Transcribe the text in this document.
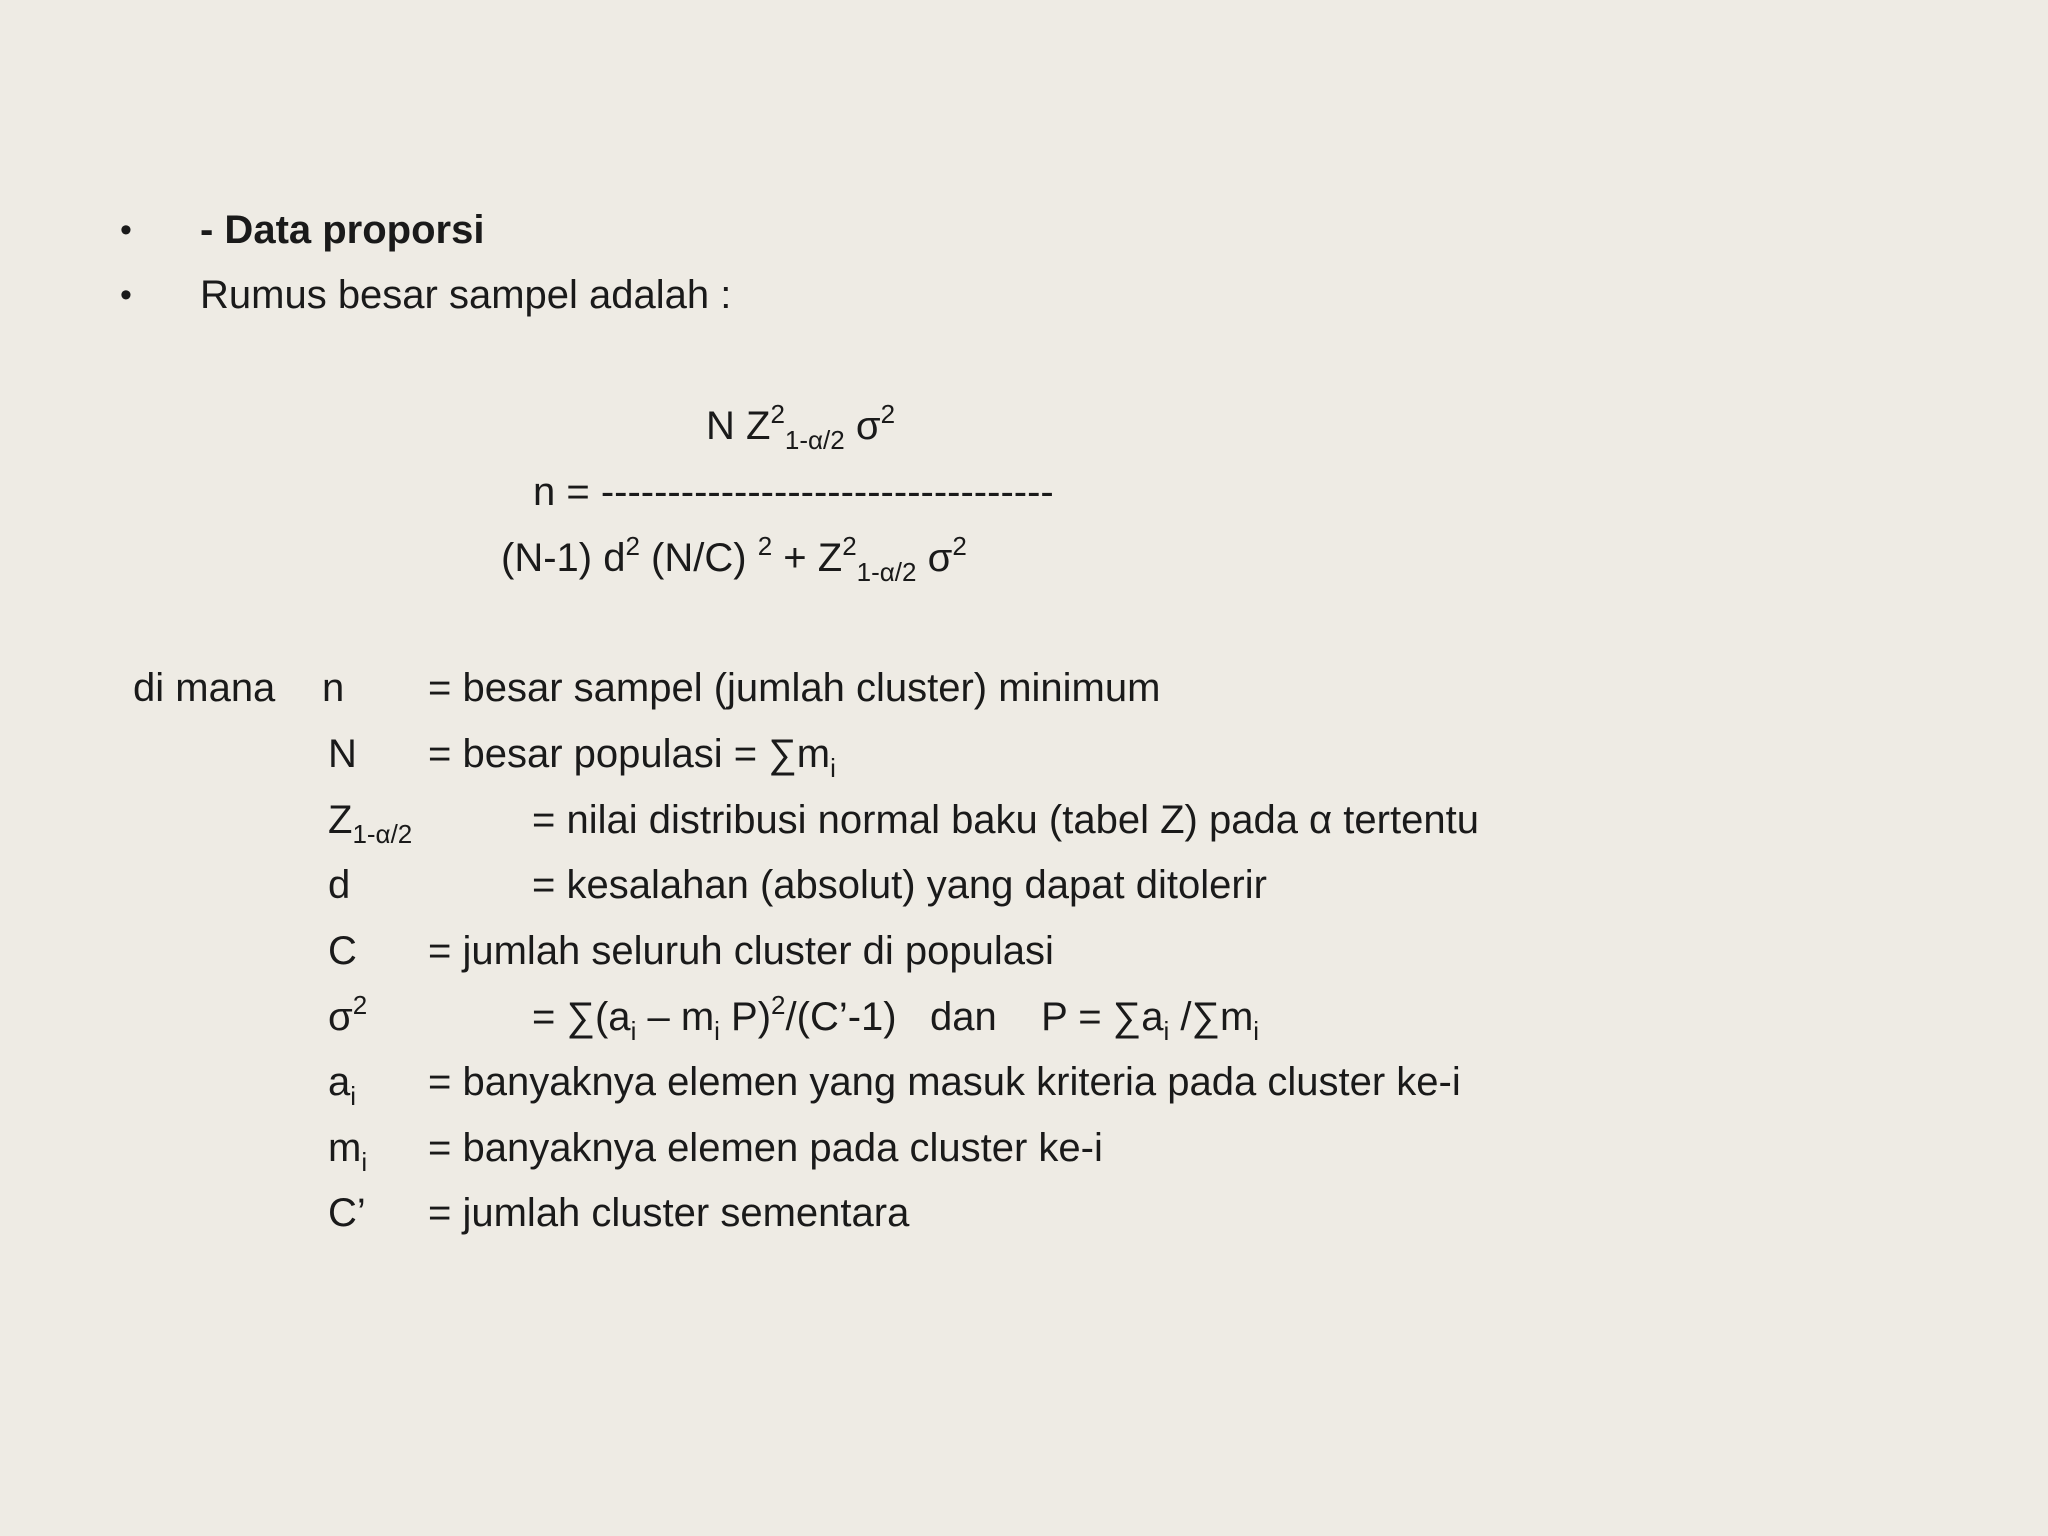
• - Data proporsi
• Rumus besar sampel adalah :
N $Z^2_{1-\alpha/2}$ $\sigma^2$
n = ----------------------------------
(N-1) $d^2$ (N/C) $^2 + Z^2_{1-\alpha/2}$ $\sigma^2$
di mana n = besar sampel (jumlah cluster) minimum
N = besar populasi = $\sum m_i$
$Z_{1-\alpha/2}$	= nilai distribusi normal baku (tabel Z) pada α tertentu
d	= kesalahan (absolut) yang dapat ditolerir
C = jumlah seluruh cluster di populasi
$\sigma^2$	= $\sum(a_i - m_i$ P)$^2$/(C’-1)   dan    $P = \sum a_i$ $/\sum m_i$
$a_i$ = banyaknya elemen yang masuk kriteria pada cluster ke-i
$m_i$ = banyaknya elemen pada cluster ke-i
C’ = jumlah cluster sementara
